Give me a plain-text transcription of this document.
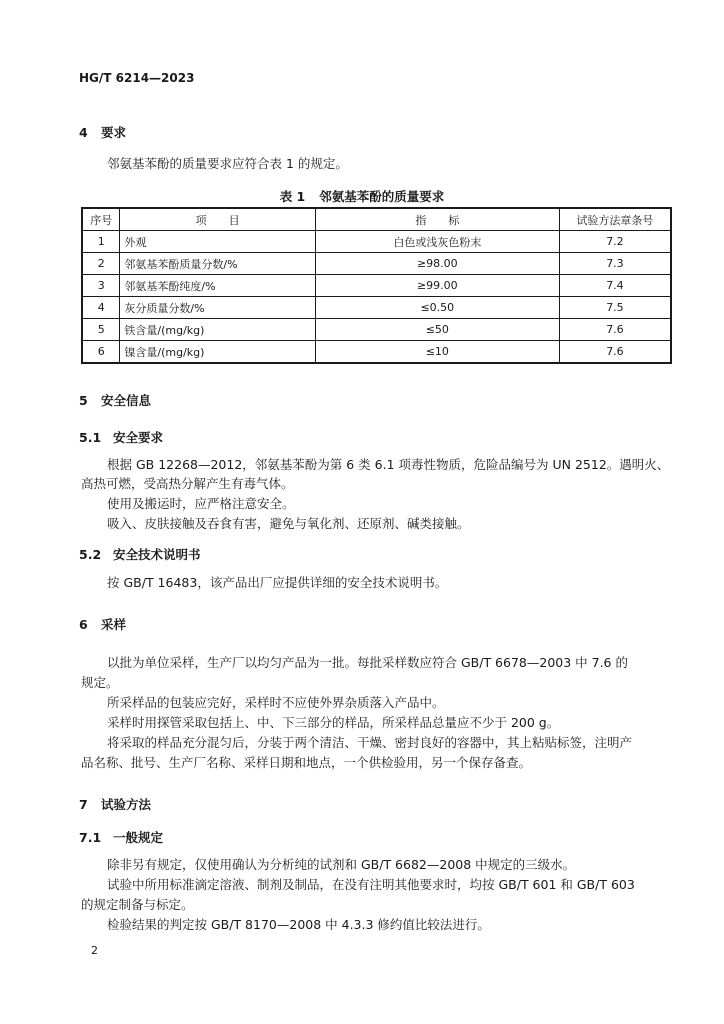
HG/T 6214—2023
4 要求
邻氨基苯酚的质量要求应符合表 1 的规定。
表 1 邻氨基苯酚的质量要求
序号	项　　目	指　　标	试验方法章条号
1	外观	白色或浅灰色粉末	7.2
2	邻氨基苯酚质量分数/%	≥98.00	7.3
3	邻氨基苯酚纯度/%	≥99.00	7.4
4	灰分质量分数/%	≤0.50	7.5
5	铁含量/(mg/kg)	≤50	7.6
6	镍含量/(mg/kg)	≤10	7.6
5 安全信息
5.1 安全要求
根据 GB 12268—2012，邻氨基苯酚为第 6 类 6.1 项毒性物质，危险品编号为 UN 2512。遇明火、
高热可燃，受高热分解产生有毒气体。
使用及搬运时，应严格注意安全。
吸入、皮肤接触及吞食有害，避免与氧化剂、还原剂、碱类接触。
5.2 安全技术说明书
按 GB/T 16483，该产品出厂应提供详细的安全技术说明书。
6 采样
以批为单位采样，生产厂以均匀产品为一批。每批采样数应符合 GB/T 6678—2003 中 7.6 的
规定。
所采样品的包装应完好，采样时不应使外界杂质落入产品中。
采样时用探管采取包括上、中、下三部分的样品，所采样品总量应不少于 200 g。
将采取的样品充分混匀后，分装于两个清洁、干燥、密封良好的容器中，其上粘贴标签，注明产
品名称、批号、生产厂名称、采样日期和地点，一个供检验用，另一个保存备查。
7 试验方法
7.1 一般规定
除非另有规定，仅使用确认为分析纯的试剂和 GB/T 6682—2008 中规定的三级水。
试验中所用标准滴定溶液、制剂及制品，在没有注明其他要求时，均按 GB/T 601 和 GB/T 603
的规定制备与标定。
检验结果的判定按 GB/T 8170—2008 中 4.3.3 修约值比较法进行。
2
